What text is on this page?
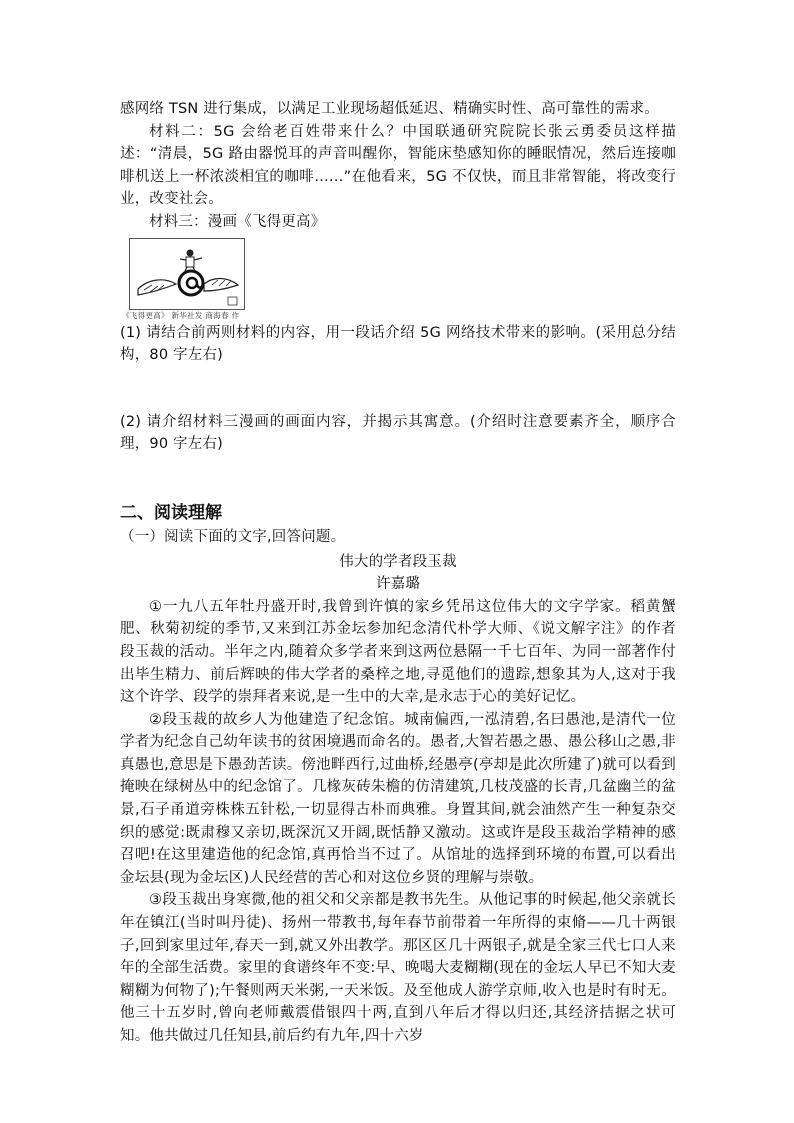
感网络 TSN 进行集成，以满足工业现场超低延迟、精确实时性、高可靠性的需求。

材料二：5G 会给老百姓带来什么？中国联通研究院院长张云勇委员这样描述：“清晨，5G 路由器悦耳的声音叫醒你，智能床垫感知你的睡眠情况，然后连接咖啡机送上一杯浓淡相宜的咖啡……”在他看来，5G 不仅快，而且非常智能，将改变行业，改变社会。

材料三：漫画《飞得更高》

《飞得更高》 新华社发 商海春 作

(1) 请结合前两则材料的内容，用一段话介绍 5G 网络技术带来的影响。(采用总分结构，80 字左右)

(2) 请介绍材料三漫画的画面内容，并揭示其寓意。(介绍时注意要素齐全，顺序合理，90 字左右)

二、阅读理解

（一）阅读下面的文字,回答问题。

伟大的学者段玉裁

许嘉璐

①一九八五年牡丹盛开时,我曾到许慎的家乡凭吊这位伟大的文字学家。稻黄蟹肥、秋菊初绽的季节,又来到江苏金坛参加纪念清代朴学大师、《说文解字注》的作者段玉裁的活动。半年之内,随着众多学者来到这两位悬隔一千七百年、为同一部著作付出毕生精力、前后辉映的伟大学者的桑梓之地,寻觅他们的遗踪,想象其为人,这对于我这个许学、段学的崇拜者来说,是一生中的大幸,是永志于心的美好记忆。

②段玉裁的故乡人为他建造了纪念馆。城南偏西,一泓清碧,名曰愚池,是清代一位学者为纪念自己幼年读书的贫困境遇而命名的。愚者,大智若愚之愚、愚公移山之愚,非真愚也,意思是下愚劲苦读。傍池畔西行,过曲桥,经愚亭(亭却是此次所建了)就可以看到掩映在绿树丛中的纪念馆了。几椽灰砖朱檐的仿清建筑,几枝茂盛的长青,几盆幽兰的盆景,石子甬道旁株株五针松,一切显得古朴而典雅。身置其间,就会油然产生一种复杂交织的感觉:既肃穆又亲切,既深沉又开阔,既恬静又激动。这或许是段玉裁治学精神的感召吧!在这里建造他的纪念馆,真再恰当不过了。从馆址的选择到环境的布置,可以看出金坛县(现为金坛区)人民经营的苦心和对这位乡贤的理解与崇敬。

③段玉裁出身寒微,他的祖父和父亲都是教书先生。从他记事的时候起,他父亲就长年在镇江(当时叫丹徒)、扬州一带教书,每年春节前带着一年所得的束脩——几十两银子,回到家里过年,春天一到,就又外出教学。那区区几十两银子,就是全家三代七口人来年的全部生活费。家里的食谱终年不变:早、晚喝大麦糊糊(现在的金坛人早已不知大麦糊糊为何物了);午餐则两天米粥,一天米饭。及至他成人游学京师,收入也是时有时无。他三十五岁时,曾向老师戴震借银四十两,直到八年后才得以归还,其经济拮据之状可知。他共做过几任知县,前后约有九年,四十六岁
